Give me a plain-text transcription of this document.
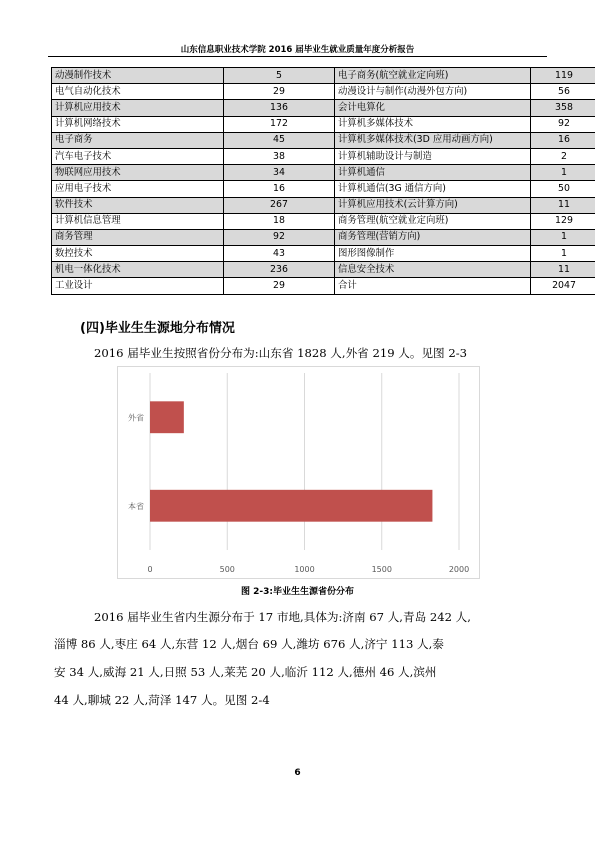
山东信息职业技术学院 2016 届毕业生就业质量年度分析报告
动漫制作技术	5	电子商务(航空就业定向班)	119
电气自动化技术	29	动漫设计与制作(动漫外包方向)	56
计算机应用技术	136	会计电算化	358
计算机网络技术	172	计算机多媒体技术	92
电子商务	45	计算机多媒体技术(3D 应用动画方向)	16
汽车电子技术	38	计算机辅助设计与制造	2
物联网应用技术	34	计算机通信	1
应用电子技术	16	计算机通信(3G 通信方向)	50
软件技术	267	计算机应用技术(云计算方向)	11
计算机信息管理	18	商务管理(航空就业定向班)	129
商务管理	92	商务管理(营销方向)	1
数控技术	43	图形图像制作	1
机电一体化技术	236	信息安全技术	11
工业设计	29	合计	2047
(四)毕业生生源地分布情况
2016 届毕业生按照省份分布为:山东省 1828 人,外省 219 人。见图 2-3
0	500	1000	1500	2000
外省
本省
图 2-3:毕业生生源省份分布
2016 届毕业生省内生源分布于 17 市地,具体为:济南 67 人,青岛 242 人,
淄博 86 人,枣庄 64 人,东营 12 人,烟台 69 人,潍坊 676 人,济宁 113 人,泰
安 34 人,威海 21 人,日照 53 人,莱芜 20 人,临沂 112 人,德州 46 人,滨州
44 人,聊城 22 人,菏泽 147 人。见图 2-4
6
